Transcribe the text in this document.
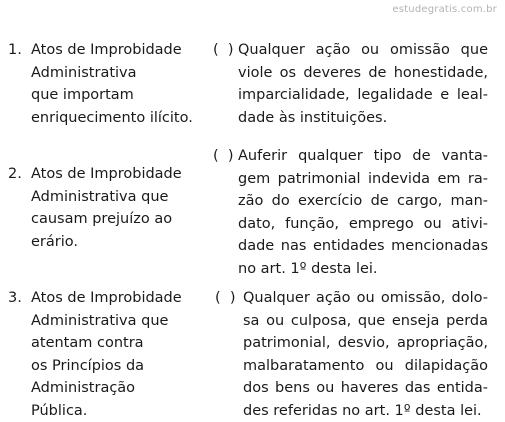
estudegratis.com.br
1. Atos de Improbidade
Administrativa
que importam
enriquecimento ilícito.
(  ) Qualquer ação ou omissão que
viole os deveres de honestidade,
imparcialidade, legalidade e leal-
dade às instituições.
2. Atos de Improbidade
Administrativa que
causam prejuízo ao
erário.
(  ) Auferir qualquer tipo de vanta-
gem patrimonial indevida em ra-
zão do exercício de cargo, man-
dato, função, emprego ou ativi-
dade nas entidades mencionadas
no art. 1º desta lei.
3. Atos de Improbidade
Administrativa que
atentam contra
os Princípios da
Administração
Pública.
(  ) Qualquer ação ou omissão, dolo-
sa ou culposa, que enseja perda
patrimonial, desvio, apropriação,
malbaratamento ou dilapidação
dos bens ou haveres das entida-
des referidas no art. 1º desta lei.
